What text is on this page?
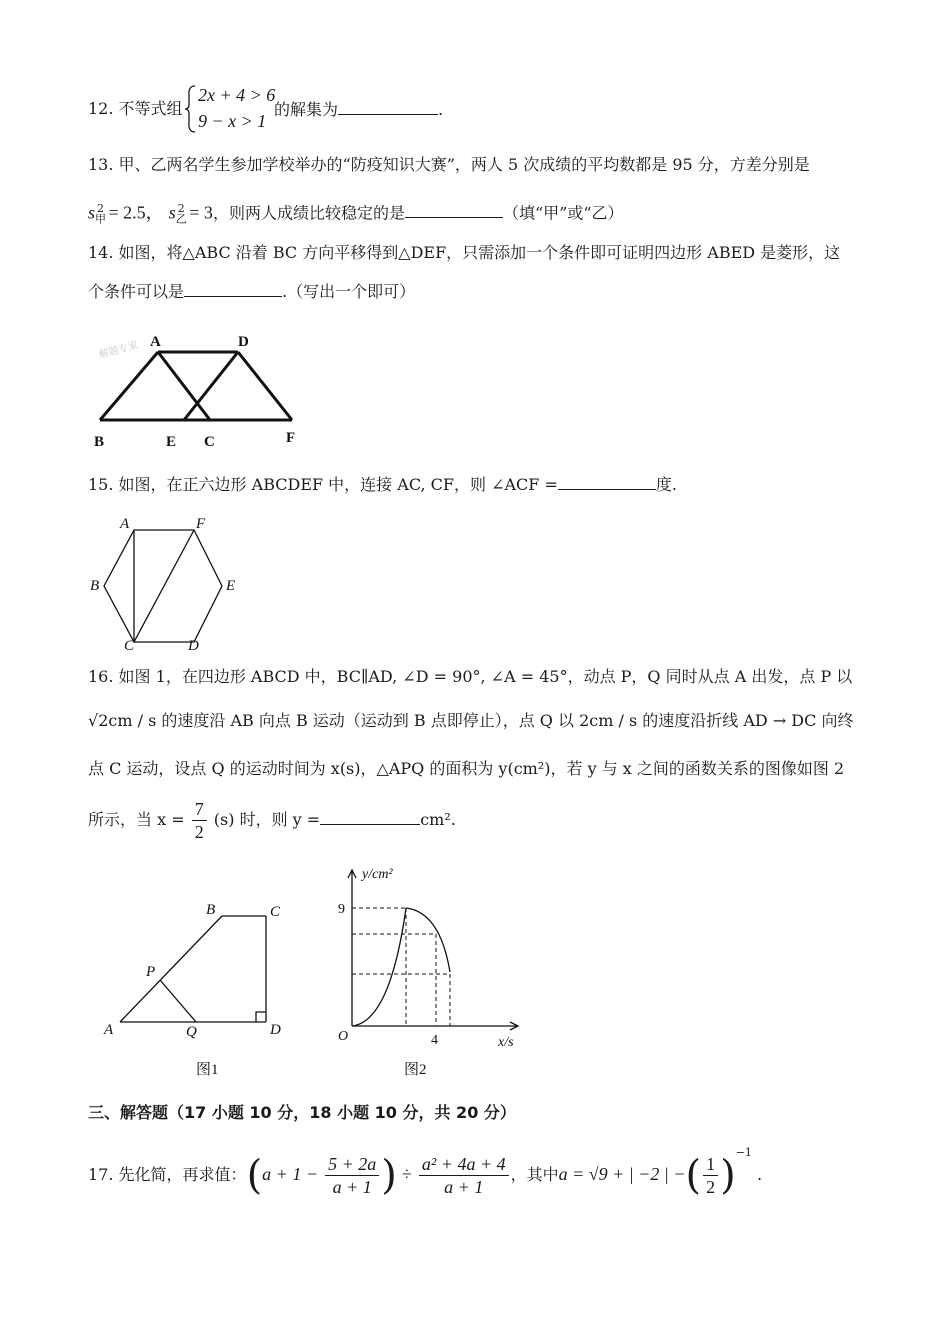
12. 不等式组
2x + 4 > 6
9 − x > 1
的解集为	.
13. 甲、乙两名学生参加学校举办的“防疫知识大赛”，两人 5 次成绩的平均数都是 95 分，方差分别是
$s_甲^2 = 2.5$， $s_乙^2 = 3$，则两人成绩比较稳定的是	（填“甲”或“乙）
14. 如图，将△ABC 沿着 BC 方向平移得到△DEF，只需添加一个条件即可证明四边形 ABED 是菱形，这
个条件可以是	.（写出一个即可）
解题专家 A	D
B	E C	F
15. 如图，在正六边形 ABCDEF 中，连接 AC, CF，则 ∠ACF =	度.
A	F
B	E
C	D
16. 如图 1，在四边形 ABCD 中，BC∥AD, ∠D = 90°, ∠A = 45°，动点 P，Q 同时从点 A 出发，点 P 以
√2cm / s 的速度沿 AB 向点 B 运动（运动到 B 点即停止），点 Q 以 2cm / s 的速度沿折线 AD → DC 向终
点 C 运动，设点 Q 的运动时间为 x(s)，△APQ 的面积为 y(cm²)，若 y 与 x 之间的函数关系的图像如图 2
所示，当 $x = \frac{7}{2} (s)$ 时，则 y =	cm².
A
B	C
D
P
Q
图1
y/cm²
9
O	4	x/s
图2
三、解答题（17 小题 10 分，18 小题 10 分，共 20 分）
17. 先化简，再求值：($a + 1 - \frac{5 + 2a}{a + 1}$ ) ÷ $\frac{\text{a² + 4a + 4}}{a + 1}$ ，其中a = √9 + | −2 | −( $\frac{1}{2} )^{-1}$ .
